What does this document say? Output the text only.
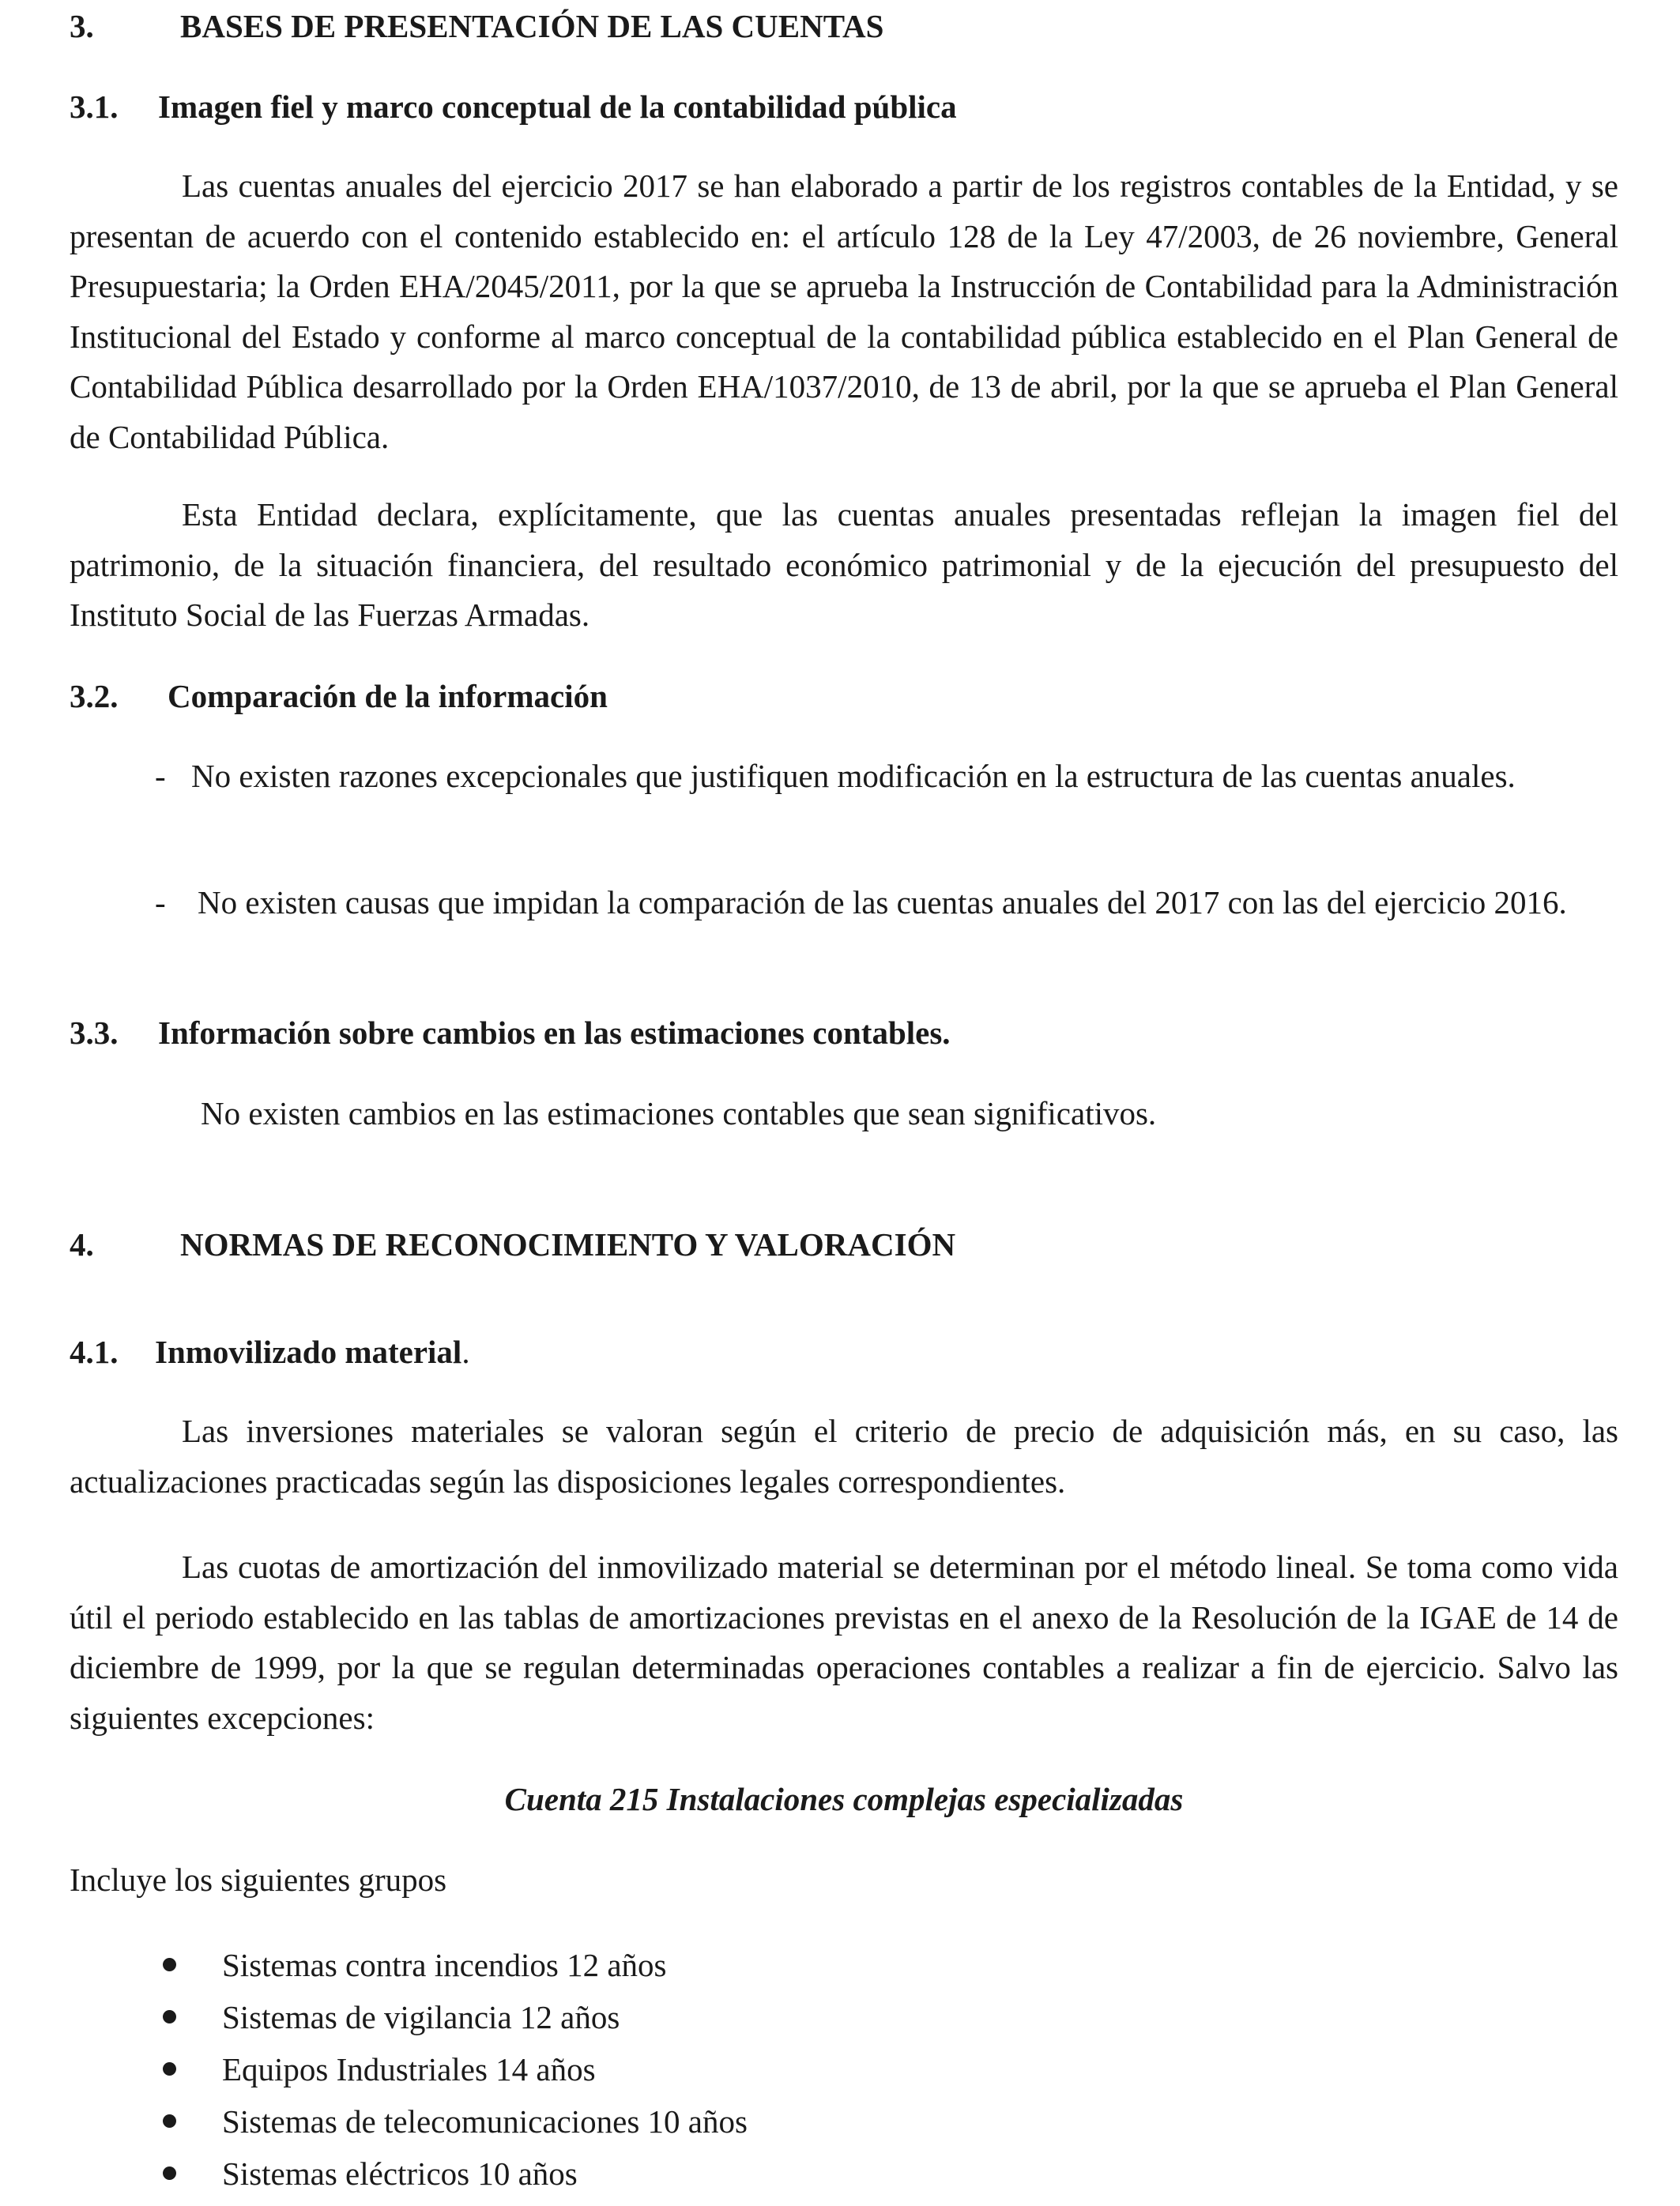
3.	BASES DE PRESENTACIÓN DE LAS CUENTAS
3.1. Imagen fiel y marco conceptual de la contabilidad pública

Las cuentas anuales del ejercicio 2017 se han elaborado a partir de los registros contables de la Entidad, y se presentan de acuerdo con el contenido establecido en: el artículo 128 de la Ley 47/2003, de 26 noviembre, General Presupuestaria; la Orden EHA/2045/2011, por la que se aprueba la Instrucción de Contabilidad para la Administración Institucional del Estado y conforme al marco conceptual de la contabilidad pública establecido en el Plan General de Contabilidad Pública desarrollado por la Orden EHA/1037/2010, de 13 de abril, por la que se aprueba el Plan General de Contabilidad Pública.

Esta Entidad declara, explícitamente, que las cuentas anuales presentadas reflejan la imagen fiel del patrimonio, de la situación financiera, del resultado económico patrimonial y de la ejecución del presupuesto del Instituto Social de las Fuerzas Armadas.

3.2. Comparación de la información
- No existen razones excepcionales que justifiquen modificación en la estructura de las cuentas anuales.
- No existen causas que impidan la comparación de las cuentas anuales del 2017 con las del ejercicio 2016.
3.3. Información sobre cambios en las estimaciones contables.
No existen cambios en las estimaciones contables que sean significativos.
4.	NORMAS DE RECONOCIMIENTO Y VALORACIÓN
4.1. Inmovilizado material.

Las inversiones materiales se valoran según el criterio de precio de adquisición más, en su caso, las actualizaciones practicadas según las disposiciones legales correspondientes.

Las cuotas de amortización del inmovilizado material se determinan por el método lineal. Se toma como vida útil el periodo establecido en las tablas de amortizaciones previstas en el anexo de la Resolución de la IGAE de 14 de diciembre de 1999, por la que se regulan determinadas operaciones contables a realizar a fin de ejercicio. Salvo las siguientes excepciones:

Cuenta 215 Instalaciones complejas especializadas
Incluye los siguientes grupos
Sistemas contra incendios 12 años
Sistemas de vigilancia 12 años
Equipos Industriales 14 años
Sistemas de telecomunicaciones 10 años
Sistemas eléctricos 10 años
